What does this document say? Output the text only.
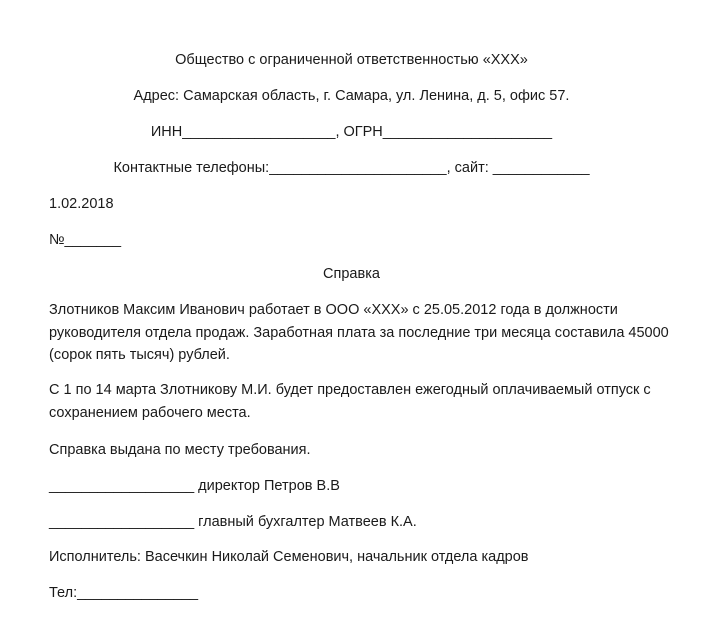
Общество с ограниченной ответственностью «ХХХ»
Адрес: Самарская область, г. Самара, ул. Ленина, д. 5, офис 57.
ИНН___________________, ОГРН_____________________
Контактные телефоны:______________________, сайт: ____________
1.02.2018
№_______
Справка
Злотников Максим Иванович работает в ООО «ХХХ» с 25.05.2012 года в должности
руководителя отдела продаж. Заработная плата за последние три месяца составила 45000
(сорок пять тысяч) рублей.
С 1 по 14 марта Злотникову М.И. будет предоставлен ежегодный оплачиваемый отпуск с
сохранением рабочего места.
Справка выдана по месту требования.
__________________ директор Петров В.В
__________________ главный бухгалтер Матвеев К.А.
Исполнитель: Васечкин Николай Семенович, начальник отдела кадров
Тел:_______________
